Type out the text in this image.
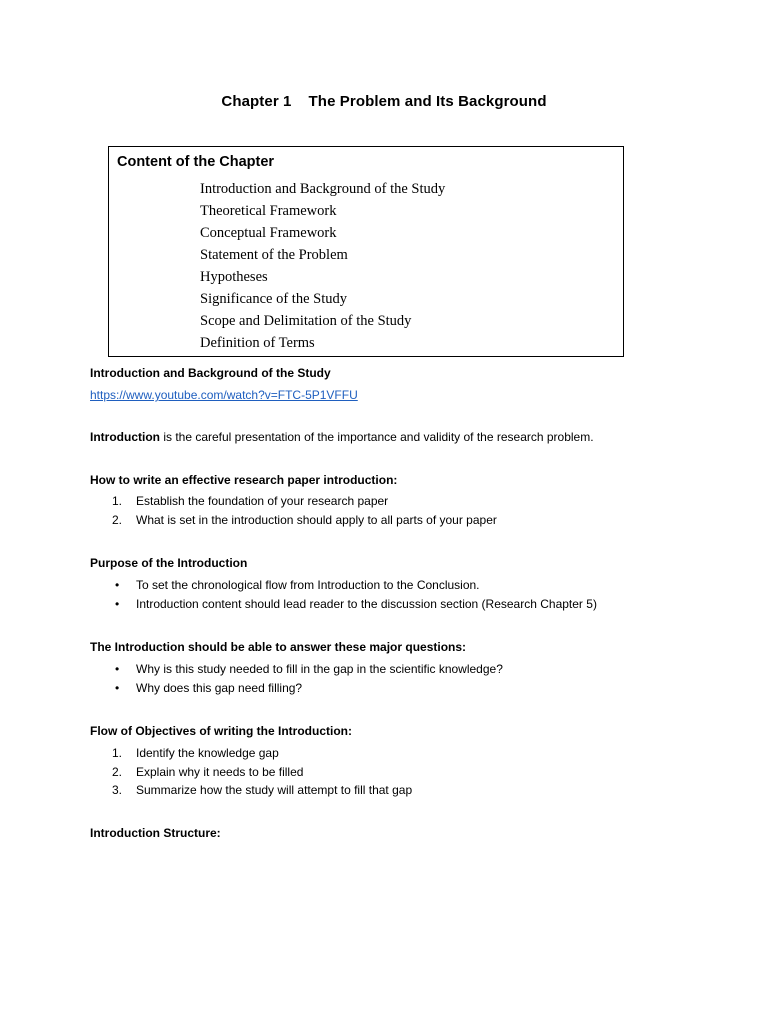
Chapter 1    The Problem and Its Background
Content of the Chapter
Introduction and Background of the Study
Theoretical Framework
Conceptual Framework
Statement of the Problem
Hypotheses
Significance of the Study
Scope and Delimitation of the Study
Definition of Terms
Introduction and Background of the Study
https://www.youtube.com/watch?v=FTC-5P1VFFU
Introduction is the careful presentation of the importance and validity of the research problem.
How to write an effective research paper introduction:
1. Establish the foundation of your research paper
2. What is set in the introduction should apply to all parts of your paper
Purpose of the Introduction
• To set the chronological flow from Introduction to the Conclusion.
• Introduction content should lead reader to the discussion section (Research Chapter 5)
The Introduction should be able to answer these major questions:
• Why is this study needed to fill in the gap in the scientific knowledge?
• Why does this gap need filling?
Flow of Objectives of writing the Introduction:
1. Identify the knowledge gap
2. Explain why it needs to be filled
3. Summarize how the study will attempt to fill that gap
Introduction Structure:
